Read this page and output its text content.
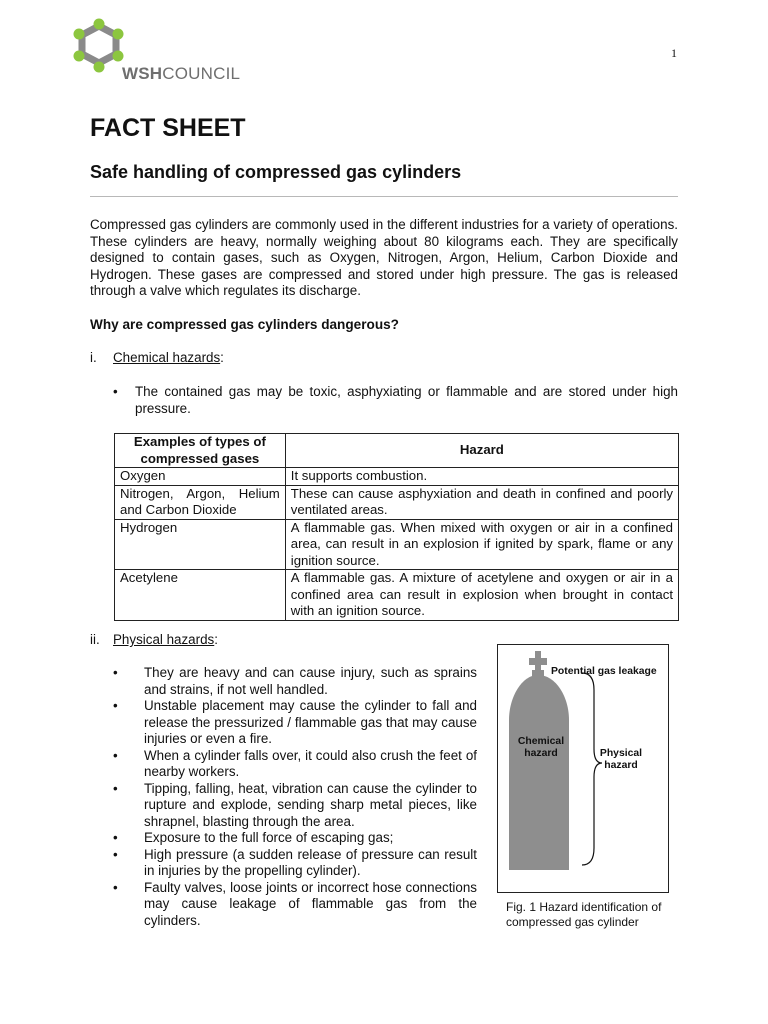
WSHCOUNCIL
1
FACT SHEET
Safe handling of compressed gas cylinders
Compressed gas cylinders are commonly used in the different industries for a variety of operations. These cylinders are heavy, normally weighing about 80 kilograms each. They are specifically designed to contain gases, such as Oxygen, Nitrogen, Argon, Helium, Carbon Dioxide and Hydrogen. These gases are compressed and stored under high pressure. The gas is released through a valve which regulates its discharge.
Why are compressed gas cylinders dangerous?
i. Chemical hazards:
• The contained gas may be toxic, asphyxiating or flammable and are stored under high pressure.
Examples of types of compressed gases	Hazard
Oxygen	It supports combustion.
Nitrogen, Argon, Helium and Carbon Dioxide	These can cause asphyxiation and death in confined and poorly ventilated areas.
Hydrogen	A flammable gas. When mixed with oxygen or air in a confined area, can result in an explosion if ignited by spark, flame or any ignition source.
Acetylene	A flammable gas. A mixture of acetylene and oxygen or air in a confined area can result in explosion when brought in contact with an ignition source.
ii. Physical hazards:
• They are heavy and can cause injury, such as sprains and strains, if not well handled.
• Unstable placement may cause the cylinder to fall and release the pressurized / flammable gas that may cause injuries or even a fire.
• When a cylinder falls over, it could also crush the feet of nearby workers.
• Tipping, falling, heat, vibration can cause the cylinder to rupture and explode, sending sharp metal pieces, like shrapnel, blasting through the area.
• Exposure to the full force of escaping gas;
• High pressure (a sudden release of pressure can result in injuries by the propelling cylinder).
• Faulty valves, loose joints or incorrect hose connections may cause leakage of flammable gas from the cylinders.
Potential gas leakage
Chemical
hazard	Physical
hazard
Fig. 1 Hazard identification of compressed gas cylinder
